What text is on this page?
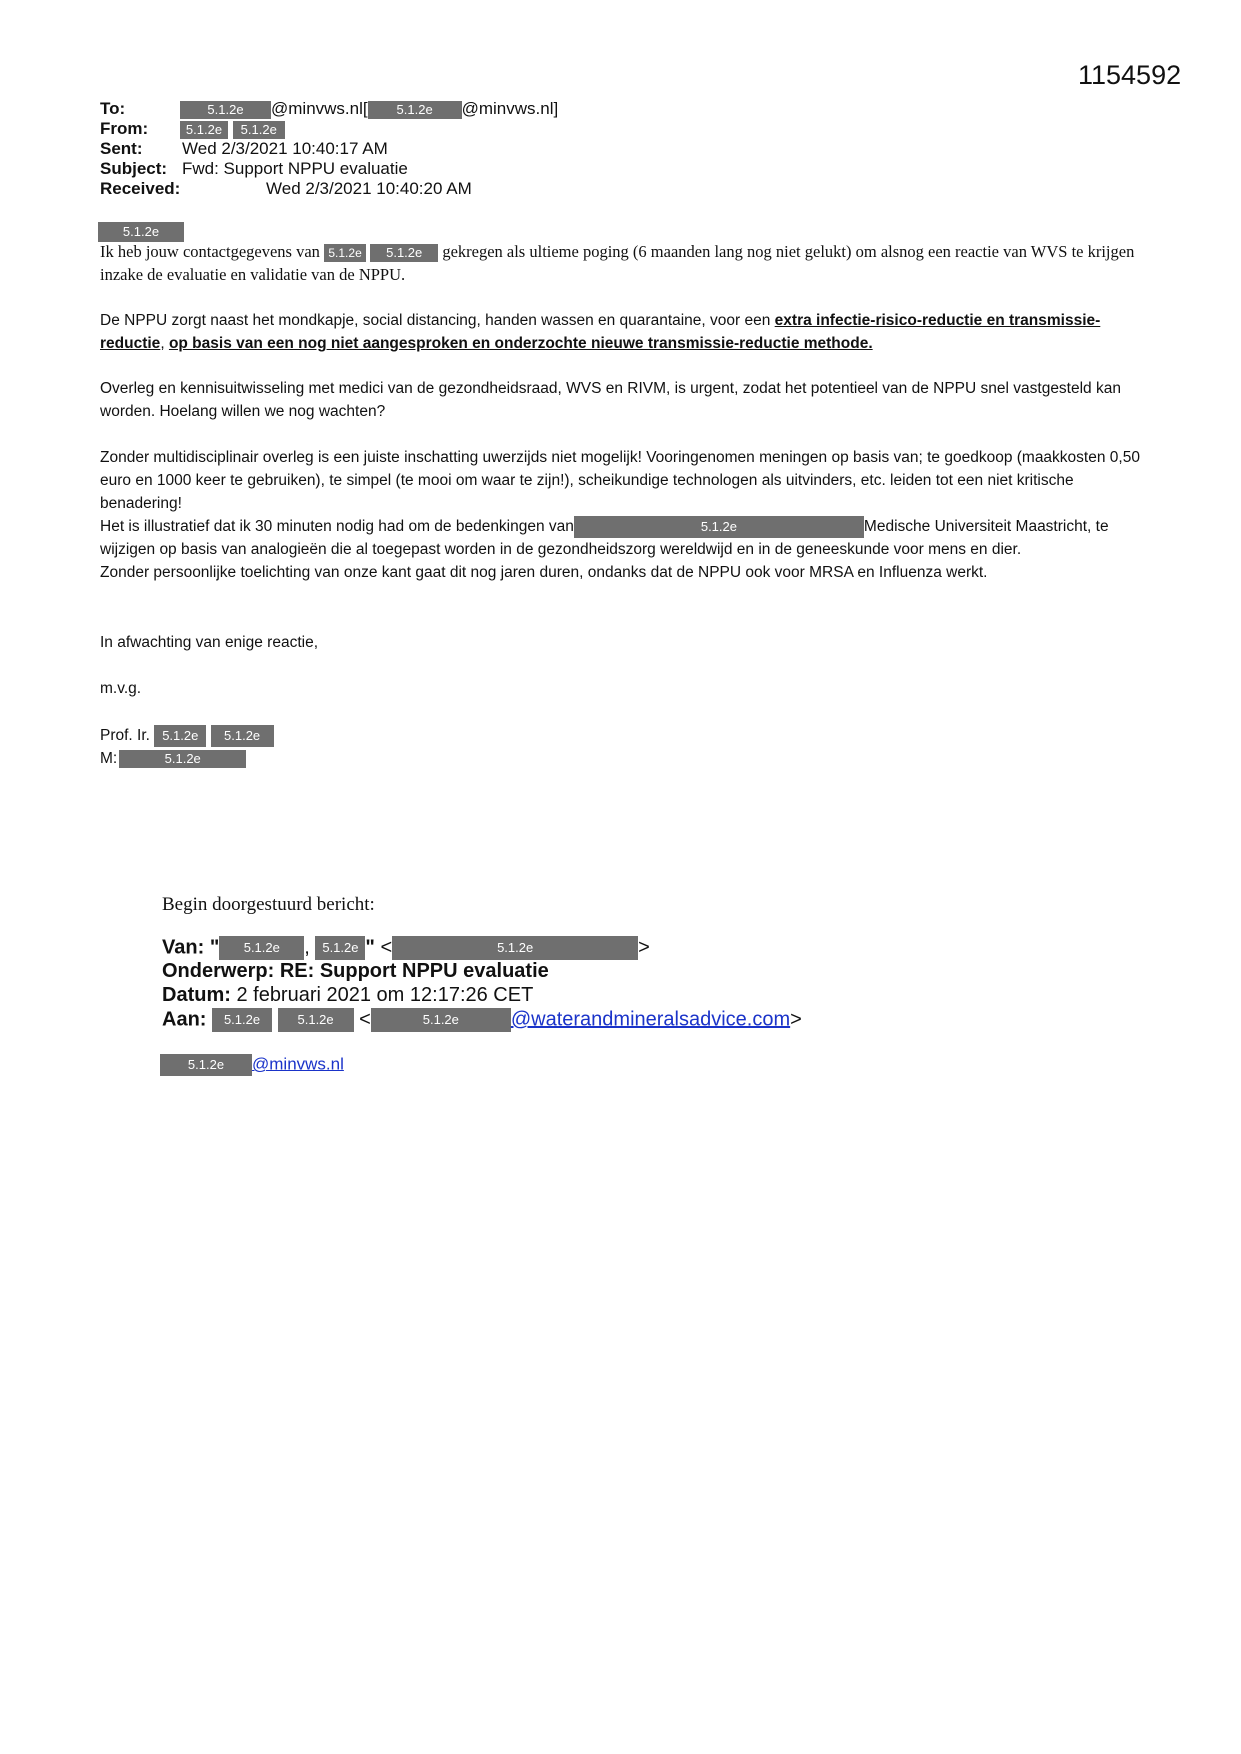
1154592
To:	5.1.2e @minvws.nl[ 5.1.2e @minvws.nl]
From:	5.1.2e 5.1.2e
Sent: Wed 2/3/2021 10:40:17 AM
Subject: Fwd: Support NPPU evaluatie
Received:	Wed 2/3/2021 10:40:20 AM
5.1.2e

Ik heb jouw contactgegevens van 5.1.2e 5.1.2e gekregen als ultieme poging (6 maanden lang nog niet gelukt) om alsnog een reactie van WVS te krijgen inzake de evaluatie en validatie van de NPPU.

De NPPU zorgt naast het mondkapje, social distancing, handen wassen en quarantaine, voor een extra infectie-risico-reductie en transmissie-reductie, op basis van een nog niet aangesproken en onderzochte nieuwe transmissie-reductie methode.

Overleg en kennisuitwisseling met medici van de gezondheidsraad, WVS en RIVM, is urgent, zodat het potentieel van de NPPU snel vastgesteld kan worden. Hoelang willen we nog wachten?

Zonder multidisciplinair overleg is een juiste inschatting uwerzijds niet mogelijk! Vooringenomen meningen op basis van; te goedkoop (maakkosten 0,50 euro en 1000 keer te gebruiken), te simpel (te mooi om waar te zijn!), scheikundige technologen als uitvinders, etc. leiden tot een niet kritische benadering!

Het is illustratief dat ik 30 minuten nodig had om de bedenkingen van	5.1.2e	Medische Universiteit Maastricht, te wijzigen op basis van analogieën die al toegepast worden in de gezondheidszorg wereldwijd en in de geneeskunde voor mens en dier.

Zonder persoonlijke toelichting van onze kant gaat dit nog jaren duren, ondanks dat de NPPU ook voor MRSA en Influenza werkt.

In afwachting van enige reactie,

m.v.g.

Prof. Ir. 5.1.2e 5.1.2e

M:	5.1.2e

Begin doorgestuurd bericht:
Van: " 5.1.2e , 5.1.2e " <	5.1.2e	>
Onderwerp: RE: Support NPPU evaluatie
Datum: 2 februari 2021 om 12:17:26 CET
Aan: 5.1.2e	5.1.2e <	5.1.2e	@waterandmineralsadvice.com>
5.1.2e @minvws.nl
